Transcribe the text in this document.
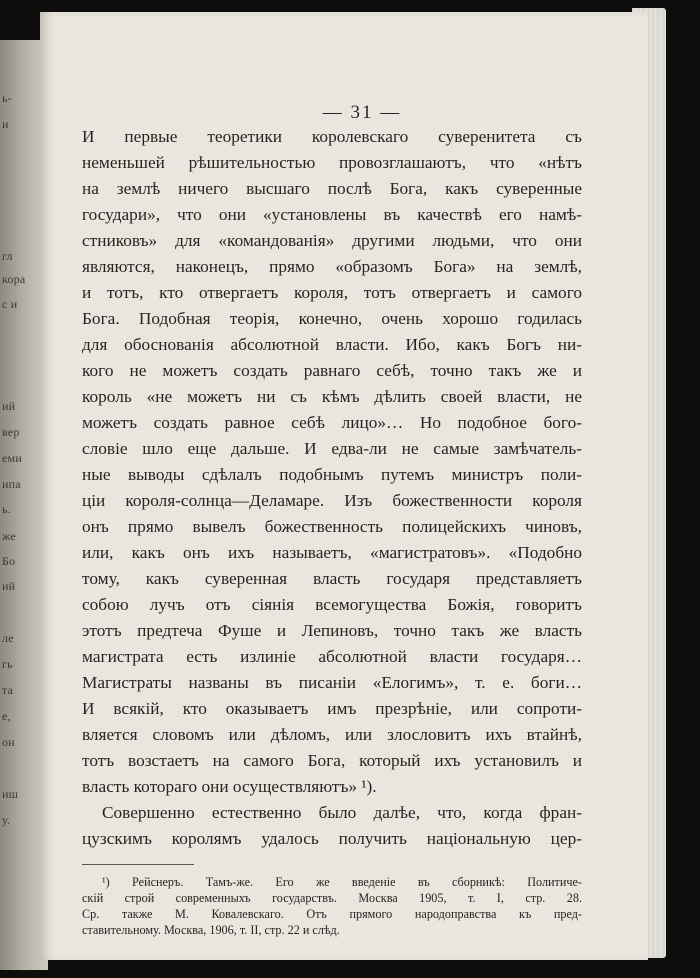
ь-
и
гл
кора
с и
ий
вер
еми
ипа
ь.
же
Бо
ий
ле
гь
та
е,
он
иш
у.
— 31 —
И первые теоретики королевскаго суверенитета съ
неменьшей рѣшительностью провозглашаютъ, что «нѣтъ
на землѣ ничего высшаго послѣ Бога, какъ суверенные
государи», что они «установлены въ качествѣ его намѣ-
стниковъ» для «командованія» другими людьми, что они
являются, наконецъ, прямо «образомъ Бога» на землѣ,
и тотъ, кто отвергаетъ короля, тотъ отвергаетъ и самого
Бога. Подобная теорія, конечно, очень хорошо годилась
для обоснованія абсолютной власти. Ибо, какъ Богъ ни-
кого не можетъ создать равнаго себѣ, точно такъ же и
король «не можетъ ни съ кѣмъ дѣлить своей власти, не
можетъ создать равное себѣ лицо»… Но подобное бого-
словіе шло еще дальше. И едва-ли не самые замѣчатель-
ные выводы сдѣлалъ подобнымъ путемъ министръ поли-
ціи короля-солнца—Деламаре. Изъ божественности короля
онъ прямо вывелъ божественность полицейскихъ чиновъ,
или, какъ онъ ихъ называетъ, «магистратовъ». «Подобно
тому, какъ суверенная власть государя представляетъ
собою лучъ отъ сіянія всемогущества Божія, говоритъ
этотъ предтеча Фуше и Лепиновъ, точно такъ же власть
магистрата есть излиніе абсолютной власти государя…
Магистраты названы въ писаніи «Елогимъ», т. е. боги…
И всякій, кто оказываетъ имъ презрѣніе, или сопроти-
вляется словомъ или дѣломъ, или злословитъ ихъ втайнѣ,
тотъ возстаетъ на самого Бога, который ихъ установилъ и
власть котораго они осуществляютъ» ¹).
Совершенно естественно было далѣе, что, когда фран-
цузскимъ королямъ удалось получить національную цер-
¹) Рейснеръ. Тамъ-же. Его же введеніе въ сборникѣ: Политиче-
скій строй современныхъ государствъ. Москва 1905, т. I, стр. 28.
Ср. также М. Ковалевскаго. Отъ прямого народоправства къ пред-
ставительному. Москва, 1906, т. II, стр. 22 и слѣд.
